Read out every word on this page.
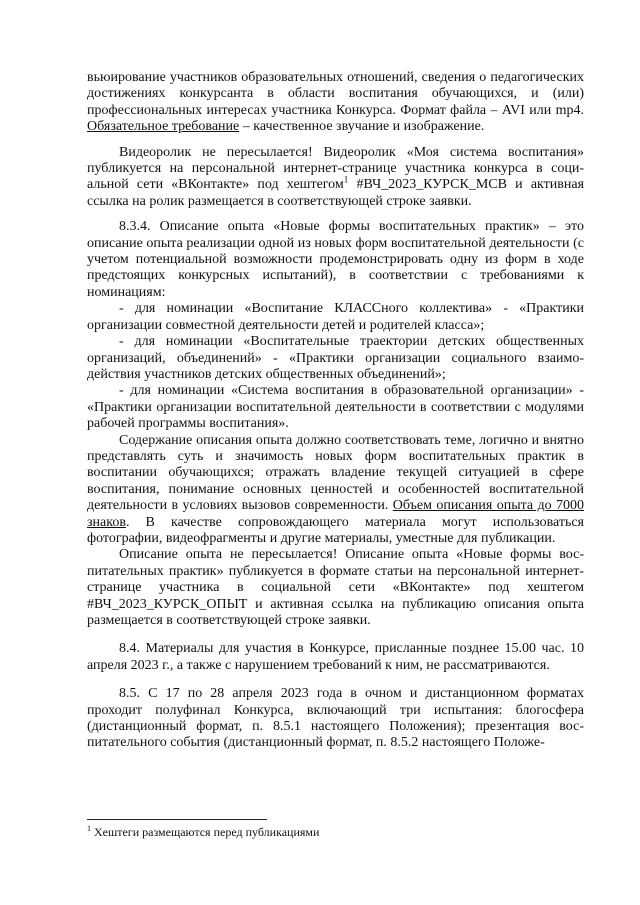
вьюирование участников образовательных отношений, сведения о педагогических достижениях конкурсанта в области воспитания обучающихся, и (или) профессиональных интересах участника Конкурса. Формат файла – AVI или mp4. Обязательное требование – качественное звучание и изображение.

Видеоролик не пересылается! Видеоролик «Моя система воспитания» публикуется на персональной интернет-странице участника конкурса в социальной сети «ВКонтакте» под хештегом$^1$ #ВЧ_2023_КУРСК_МСВ и активная ссылка на ролик размещается в соответствующей строке заявки.

8.3.4. Описание опыта «Новые формы воспитательных практик» – это описание опыта реализации одной из новых форм воспитательной деятельности (с учетом потенциальной возможности продемонстрировать одну из форм в ходе предстоящих конкурсных испытаний), в соответствии с требованиями к номинациям:

- для номинации «Воспитание КЛАССного коллектива» - «Практики организации совместной деятельности детей и родителей класса»;

- для номинации «Воспитательные траектории детских общественных организаций, объединений» - «Практики организации социального взаимодействия участников детских общественных объединений»;

- для номинации «Система воспитания в образовательной организации» - «Практики организации воспитательной деятельности в соответствии с модулями рабочей программы воспитания».

Содержание описания опыта должно соответствовать теме, логично и внятно представлять суть и значимость новых форм воспитательных практик в воспитании обучающихся; отражать владение текущей ситуацией в сфере воспитания, понимание основных ценностей и особенностей воспитательной деятельности в условиях вызовов современности. Объем описания опыта до 7000 знаков. В качестве сопровождающего материала могут использоваться фотографии, видеофрагменты и другие материалы, уместные для публикации.

Описание опыта не пересылается! Описание опыта «Новые формы воспитательных практик» публикуется в формате статьи на персональной интернет-странице участника в социальной сети «ВКонтакте» под хештегом #ВЧ_2023_КУРСК_ОПЫТ и активная ссылка на публикацию описания опыта размещается в соответствующей строке заявки.

8.4. Материалы для участия в Конкурсе, присланные позднее 15.00 час. 10 апреля 2023 г., а также с нарушением требований к ним, не рассматриваются.

8.5. С 17 по 28 апреля 2023 года в очном и дистанционном форматах проходит полуфинал Конкурса, включающий три испытания: блогосфера (дистанционный формат, п. 8.5.1 настоящего Положения); презентация воспитательного события (дистанционный формат, п. 8.5.2 настоящего Положе-

$^1$ Хештеги размещаются перед публикациями
